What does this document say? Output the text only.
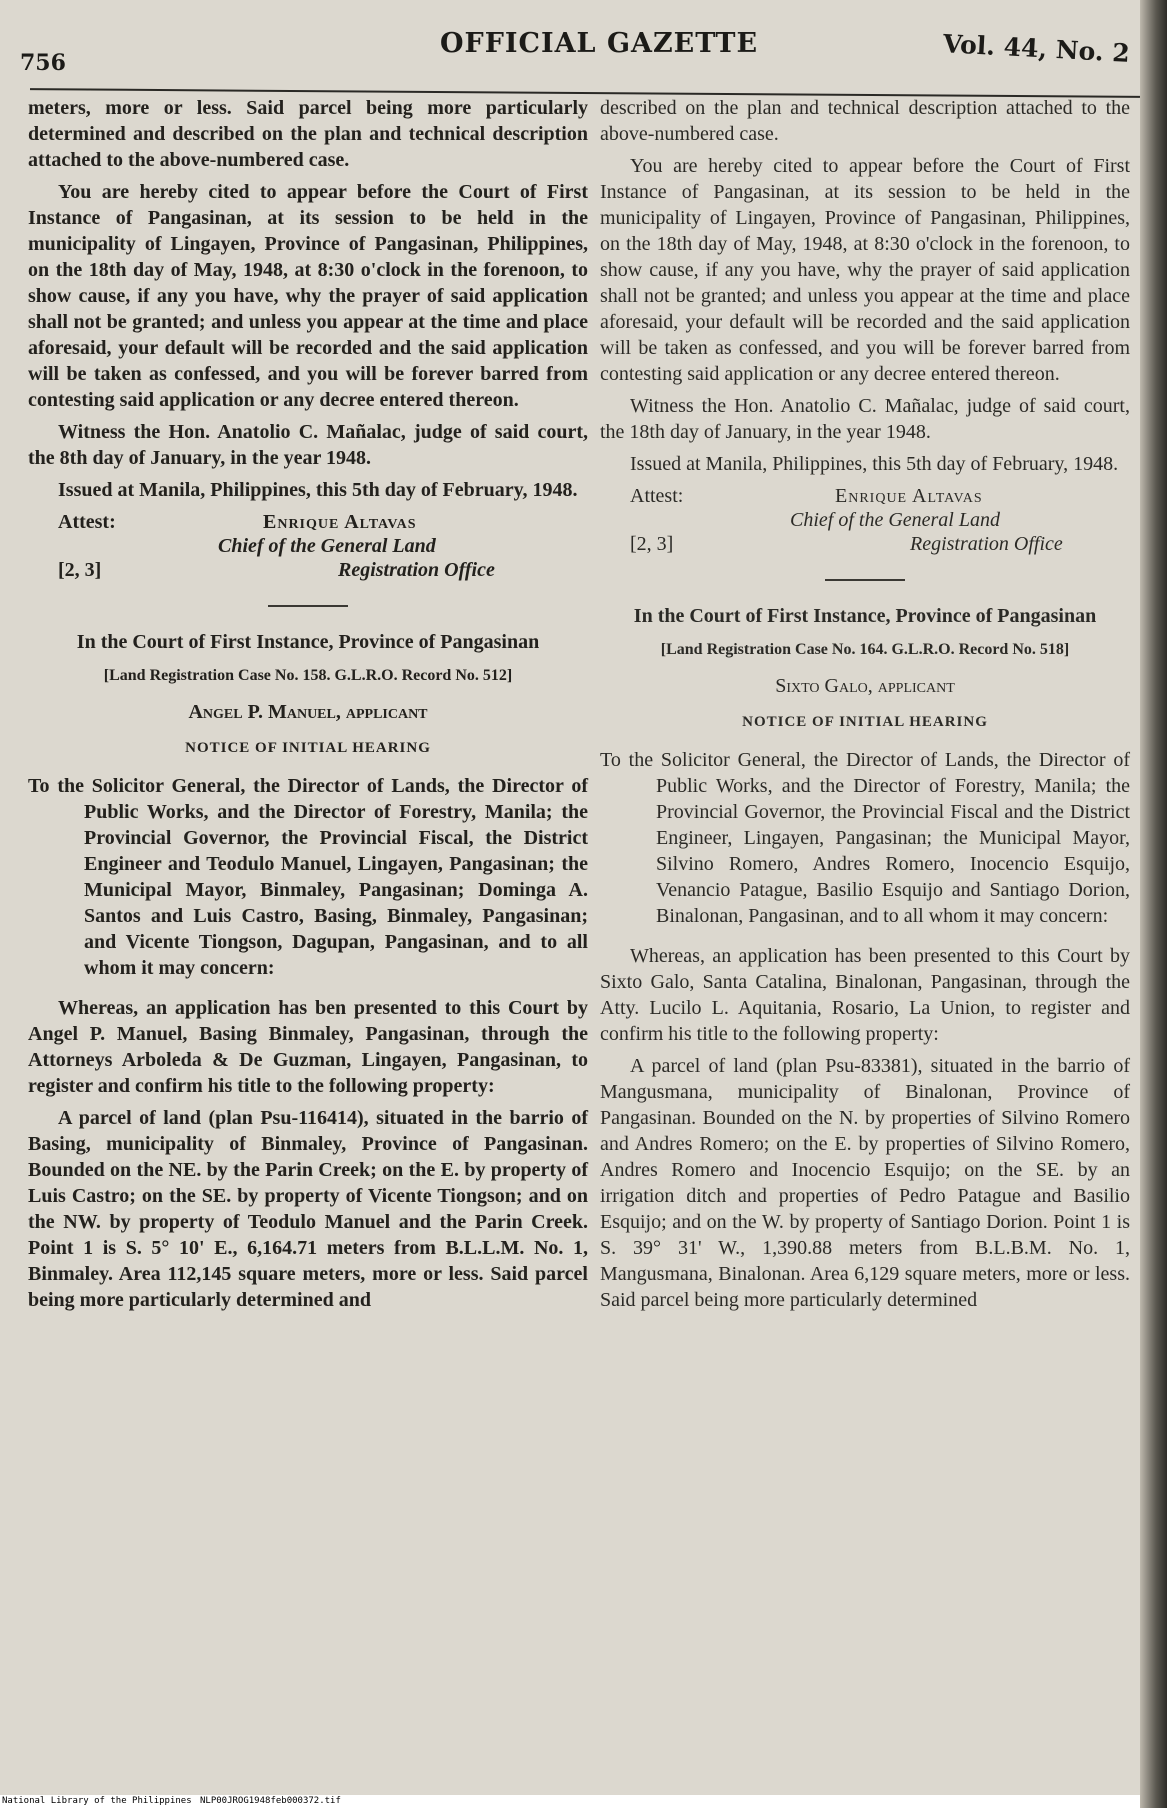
756
OFFICIAL GAZETTE	Vol. 44, No. 2

meters, more or less. Said parcel being more particularly determined and described on the plan and technical description attached to the above-numbered case.

You are hereby cited to appear before the Court of First Instance of Pangasinan, at its session to be held in the municipality of Lingayen, Province of Pangasinan, Philippines, on the 18th day of May, 1948, at 8:30 o'clock in the forenoon, to show cause, if any you have, why the prayer of said application shall not be granted; and unless you appear at the time and place aforesaid, your default will be recorded and the said application will be taken as confessed, and you will be forever barred from contesting said application or any decree entered thereon.

Witness the Hon. Anatolio C. Mañalac, judge of said court, the 8th day of January, in the year 1948.

Issued at Manila, Philippines, this 5th day of February, 1948.

Attest:	Enrique Altavas
Chief of the General Land
[2, 3]	Registration Office
In the Court of First Instance, Province of Pangasinan
[Land Registration Case No. 158. G.L.R.O. Record No. 512]
Angel P. Manuel, applicant
NOTICE OF INITIAL HEARING

To the Solicitor General, the Director of Lands, the Director of Public Works, and the Director of Forestry, Manila; the Provincial Governor, the Provincial Fiscal, the District Engineer and Teodulo Manuel, Lingayen, Pangasinan; the Municipal Mayor, Binmaley, Pangasinan; Dominga A. Santos and Luis Castro, Basing, Binmaley, Pangasinan; and Vicente Tiongson, Dagupan, Pangasinan, and to all whom it may concern:

Whereas, an application has ben presented to this Court by Angel P. Manuel, Basing Binmaley, Pangasinan, through the Attorneys Arboleda & De Guzman, Lingayen, Pangasinan, to register and confirm his title to the following property:

A parcel of land (plan Psu-116414), situated in the barrio of Basing, municipality of Binmaley, Province of Pangasinan. Bounded on the NE. by the Parin Creek; on the E. by property of Luis Castro; on the SE. by property of Vicente Tiongson; and on the NW. by property of Teodulo Manuel and the Parin Creek. Point 1 is S. 5° 10' E., 6,164.71 meters from B.L.L.M. No. 1, Binmaley. Area 112,145 square meters, more or less. Said parcel being more particularly determined and

described on the plan and technical description attached to the above-numbered case.

You are hereby cited to appear before the Court of First Instance of Pangasinan, at its session to be held in the municipality of Lingayen, Province of Pangasinan, Philippines, on the 18th day of May, 1948, at 8:30 o'clock in the forenoon, to show cause, if any you have, why the prayer of said application shall not be granted; and unless you appear at the time and place aforesaid, your default will be recorded and the said application will be taken as confessed, and you will be forever barred from contesting said application or any decree entered thereon.

Witness the Hon. Anatolio C. Mañalac, judge of said court, the 18th day of January, in the year 1948.

Issued at Manila, Philippines, this 5th day of February, 1948.

Attest:	Enrique Altavas
Chief of the General Land
[2, 3]	Registration Office
In the Court of First Instance, Province of Pangasinan
[Land Registration Case No. 164. G.L.R.O. Record No. 518]
Sixto Galo, applicant
NOTICE OF INITIAL HEARING

To the Solicitor General, the Director of Lands, the Director of Public Works, and the Director of Forestry, Manila; the Provincial Governor, the Provincial Fiscal and the District Engineer, Lingayen, Pangasinan; the Municipal Mayor, Silvino Romero, Andres Romero, Inocencio Esquijo, Venancio Patague, Basilio Esquijo and Santiago Dorion, Binalonan, Pangasinan, and to all whom it may concern:

Whereas, an application has been presented to this Court by Sixto Galo, Santa Catalina, Binalonan, Pangasinan, through the Atty. Lucilo L. Aquitania, Rosario, La Union, to register and confirm his title to the following property:

A parcel of land (plan Psu-83381), situated in the barrio of Mangusmana, municipality of Binalonan, Province of Pangasinan. Bounded on the N. by properties of Silvino Romero and Andres Romero; on the E. by properties of Silvino Romero, Andres Romero and Inocencio Esquijo; on the SE. by an irrigation ditch and properties of Pedro Patague and Basilio Esquijo; and on the W. by property of Santiago Dorion. Point 1 is S. 39° 31' W., 1,390.88 meters from B.L.B.M. No. 1, Mangusmana, Binalonan. Area 6,129 square meters, more or less. Said parcel being more particularly determined

National Library of the Philippines NLP00JROG1948feb000372.tif
